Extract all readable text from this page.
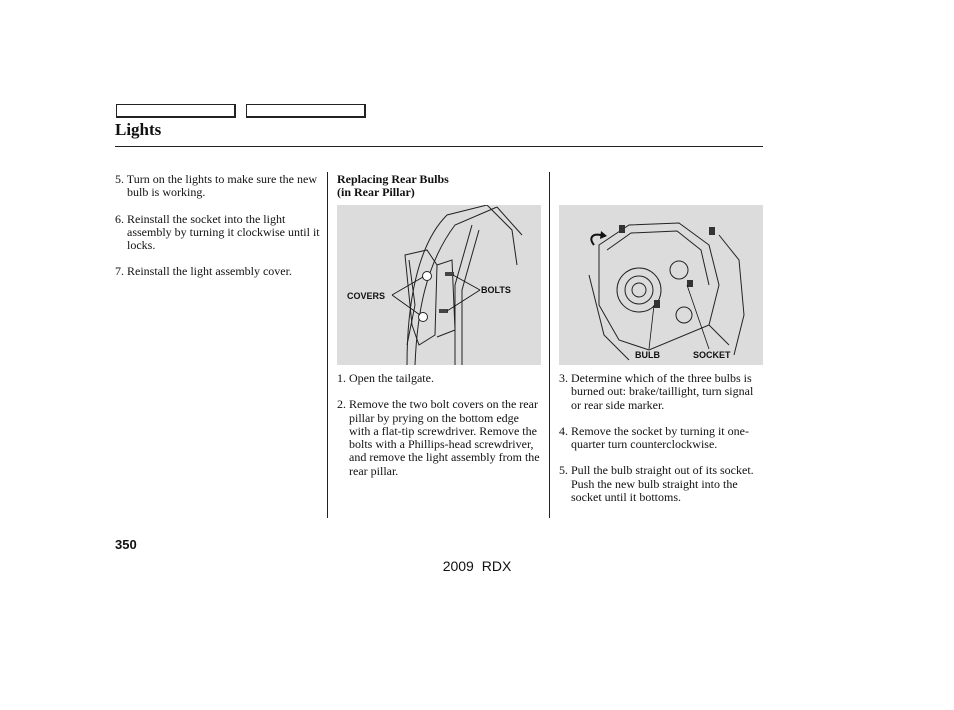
Lights

5. Turn on the lights to make sure the new bulb is working.

6. Reinstall the socket into the light assembly by turning it clockwise until it locks.

7. Reinstall the light assembly cover.

Replacing Rear Bulbs
(in Rear Pillar)
COVERS
BOLTS

1. Open the tailgate.

2. Remove the two bolt covers on the rear pillar by prying on the bottom edge with a flat-tip screwdriver. Remove the bolts with a Phillips-head screwdriver, and remove the light assembly from the rear pillar.

BULB	SOCKET

3. Determine which of the three bulbs is burned out: brake/taillight, turn signal or rear side marker.

4. Remove the socket by turning it one-quarter turn counterclockwise.

5. Pull the bulb straight out of its socket. Push the new bulb straight into the socket until it bottoms.

350
2009 RDX
